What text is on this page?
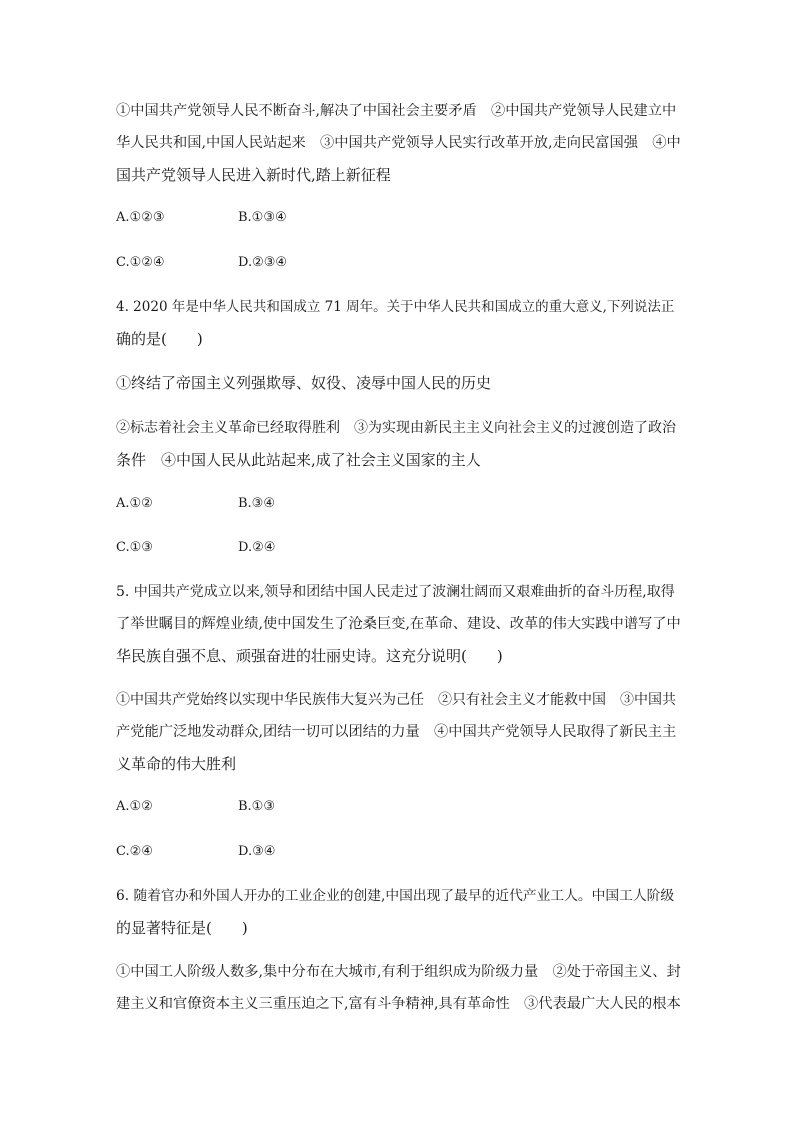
①中国共产党领导人民不断奋斗,解决了中国社会主要矛盾　②中国共产党领导人民建立中
华人民共和国,中国人民站起来　③中国共产党领导人民实行改革开放,走向民富国强　④中
国共产党领导人民进入新时代,踏上新征程
A.①②③	B.①③④
C.①②④	D.②③④
4. 2020 年是中华人民共和国成立 71 周年。关于中华人民共和国成立的重大意义,下列说法正
确的是(　　)
①终结了帝国主义列强欺辱、奴役、凌辱中国人民的历史
②标志着社会主义革命已经取得胜利　③为实现由新民主主义向社会主义的过渡创造了政治
条件　④中国人民从此站起来,成了社会主义国家的主人
A.①②	B.③④
C.①③	D.②④
5. 中国共产党成立以来,领导和团结中国人民走过了波澜壮阔而又艰难曲折的奋斗历程,取得
了举世瞩目的辉煌业绩,使中国发生了沧桑巨变,在革命、建设、改革的伟大实践中谱写了中
华民族自强不息、顽强奋进的壮丽史诗。这充分说明(　　)
①中国共产党始终以实现中华民族伟大复兴为己任　②只有社会主义才能救中国　③中国共
产党能广泛地发动群众,团结一切可以团结的力量　④中国共产党领导人民取得了新民主主
义革命的伟大胜利
A.①②	B.①③
C.②④	D.③④
6. 随着官办和外国人开办的工业企业的创建,中国出现了最早的近代产业工人。中国工人阶级
的显著特征是(　　)
①中国工人阶级人数多,集中分布在大城市,有利于组织成为阶级力量　②处于帝国主义、封
建主义和官僚资本主义三重压迫之下,富有斗争精神,具有革命性　③代表最广大人民的根本
